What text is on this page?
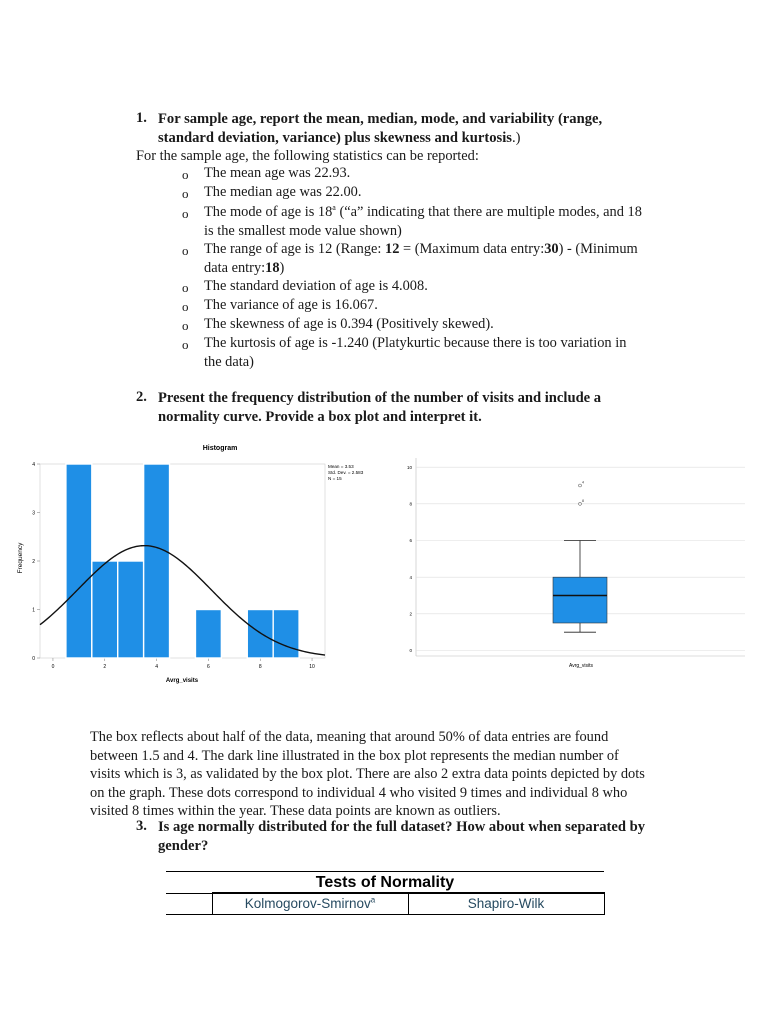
1. For sample age, report the mean, median, mode, and variability (range,
standard deviation, variance) plus skewness and kurtosis.)
For the sample age, the following statistics can be reported:
o The mean age was 22.93.
o The median age was 22.00.
o The mode of age is 18$^a$ (“a” indicating that there are multiple modes, and 18
is the smallest mode value shown)
o The range of age is 12 (Range: 12 = (Maximum data entry:30) - (Minimum
data entry:18)
o The standard deviation of age is 4.008.
o The variance of age is 16.067.
o The skewness of age is 0.394 (Positively skewed).
o The kurtosis of age is -1.240 (Platykurtic because there is too variation in
the data)
2. Present the frequency distribution of the number of visits and include a
normality curve. Provide a box plot and interpret it.
Histogram
Mean = 3.53
Std. Dev. = 2.583
N = 15
Frequency
Avrg_visits
0
1
2
3
4
0	2	4	6	8	10	Avrg_visits
0
2
4
6
8
10
4
8
The box reflects about half of the data, meaning that around 50% of data entries are found
between 1.5 and 4. The dark line illustrated in the box plot represents the median number of
visits which is 3, as validated by the box plot. There are also 2 extra data points depicted by dots
on the graph. These dots correspond to individual 4 who visited 9 times and individual 8 who
visited 8 times within the year. These data points are known as outliers.
3. Is age normally distributed for the full dataset? How about when separated by
gender?
Tests of Normality
Kolmogorov-Smirnov$^a$	Shapiro-Wilk
